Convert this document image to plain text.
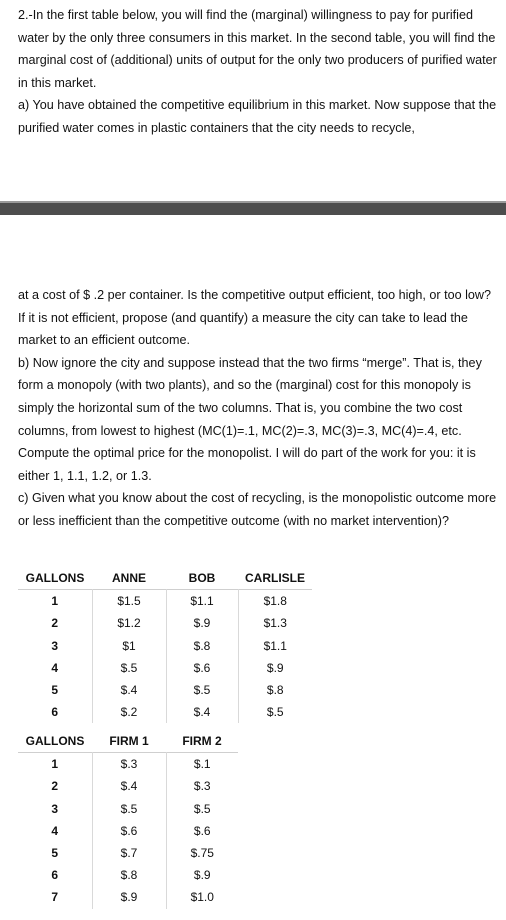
2.-In the first table below, you will find the (marginal) willingness to pay for purified water by the only three consumers in this market. In the second table, you will find the marginal cost of (additional) units of output for the only two producers of purified water in this market.

a) You have obtained the competitive equilibrium in this market. Now suppose that the purified water comes in plastic containers that the city needs to recycle,

at a cost of $ .2 per container. Is the competitive output efficient, too high, or too low? If it is not efficient, propose (and quantify) a measure the city can take to lead the market to an efficient outcome.

b) Now ignore the city and suppose instead that the two firms “merge”. That is, they form a monopoly (with two plants), and so the (marginal) cost for this monopoly is simply the horizontal sum of the two columns. That is, you combine the two cost columns, from lowest to highest (MC(1)=.1, MC(2)=.3, MC(3)=.3, MC(4)=.4, etc. Compute the optimal price for the monopolist. I will do part of the work for you: it is either 1, 1.1, 1.2, or 1.3.

c) Given what you know about the cost of recycling, is the monopolistic outcome more or less inefficient than the competitive outcome (with no market intervention)?

GALLONS	ANNE	BOB	CARLISLE
1	$1.5	$1.1	$1.8
2	$1.2	$.9	$1.3
3	$1	$.8	$1.1
4	$.5	$.6	$.9
5	$.4	$.5	$.8
6	$.2	$.4	$.5
GALLONS	FIRM 1	FIRM 2
1	$.3	$.1
2	$.4	$.3
3	$.5	$.5
4	$.6	$.6
5	$.7	$.75
6	$.8	$.9
7	$.9	$1.0
